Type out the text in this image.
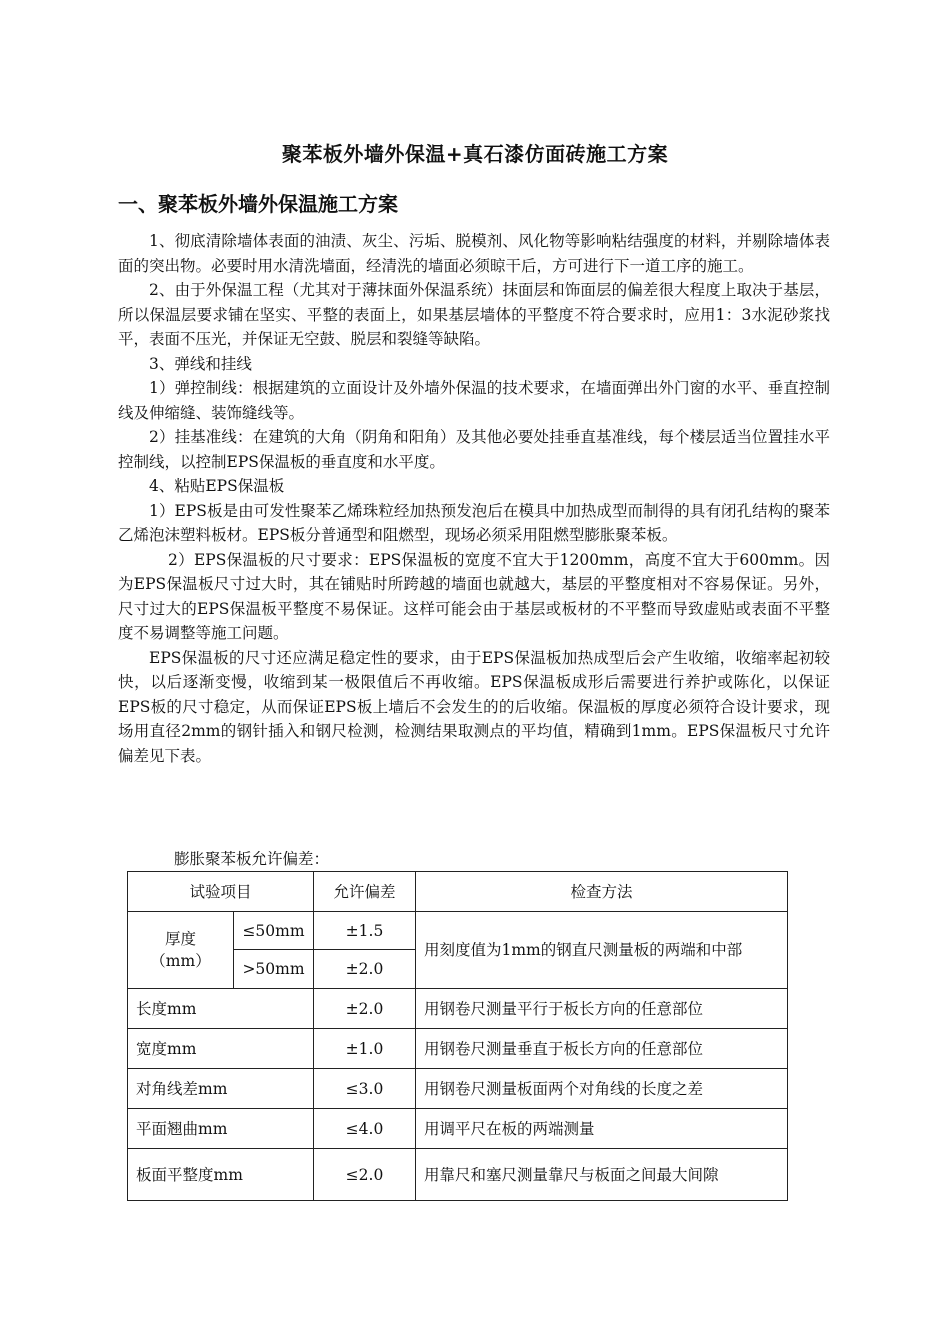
聚苯板外墙外保温+真石漆仿面砖施工方案
一、聚苯板外墙外保温施工方案

1、彻底清除墙体表面的油渍、灰尘、污垢、脱模剂、风化物等影响粘结强度的材料，并剔除墙体表面的突出物。必要时用水清洗墙面，经清洗的墙面必须晾干后，方可进行下一道工序的施工。

2、由于外保温工程（尤其对于薄抹面外保温系统）抹面层和饰面层的偏差很大程度上取决于基层，所以保温层要求铺在坚实、平整的表面上，如果基层墙体的平整度不符合要求时，应用1：3水泥砂浆找平，表面不压光，并保证无空鼓、脱层和裂缝等缺陷。

3、弹线和挂线

1）弹控制线：根据建筑的立面设计及外墙外保温的技术要求，在墙面弹出外门窗的水平、垂直控制线及伸缩缝、装饰缝线等。

2）挂基准线：在建筑的大角（阴角和阳角）及其他必要处挂垂直基准线，每个楼层适当位置挂水平控制线，以控制EPS保温板的垂直度和水平度。

4、粘贴EPS保温板

1）EPS板是由可发性聚苯乙烯珠粒经加热预发泡后在模具中加热成型而制得的具有闭孔结构的聚苯乙烯泡沫塑料板材。EPS板分普通型和阻燃型，现场必须采用阻燃型膨胀聚苯板。

2）EPS保温板的尺寸要求：EPS保温板的宽度不宜大于1200mm，高度不宜大于600mm。因为EPS保温板尺寸过大时，其在铺贴时所跨越的墙面也就越大，基层的平整度相对不容易保证。另外，尺寸过大的EPS保温板平整度不易保证。这样可能会由于基层或板材的不平整而导致虚贴或表面不平整度不易调整等施工问题。

EPS保温板的尺寸还应满足稳定性的要求，由于EPS保温板加热成型后会产生收缩，收缩率起初较快，以后逐渐变慢，收缩到某一极限值后不再收缩。EPS保温板成形后需要进行养护或陈化，以保证EPS板的尺寸稳定，从而保证EPS板上墙后不会发生的的后收缩。保温板的厚度必须符合设计要求，现场用直径2mm的钢针插入和钢尺检测，检测结果取测点的平均值，精确到1mm。EPS保温板尺寸允许偏差见下表。

膨胀聚苯板允许偏差：
试验项目		允许偏差	检查方法
厚度
（mm）	≤50mm	±1.5	用刻度值为1mm的钢直尺测量板的两端和中部
	>50mm	±2.0	
长度mm		±2.0	用钢卷尺测量平行于板长方向的任意部位
宽度mm		±1.0	用钢卷尺测量垂直于板长方向的任意部位
对角线差mm		≤3.0	用钢卷尺测量板面两个对角线的长度之差
平面翘曲mm		≤4.0	用调平尺在板的两端测量
板面平整度mm		≤2.0	用靠尺和塞尺测量靠尺与板面之间最大间隙
